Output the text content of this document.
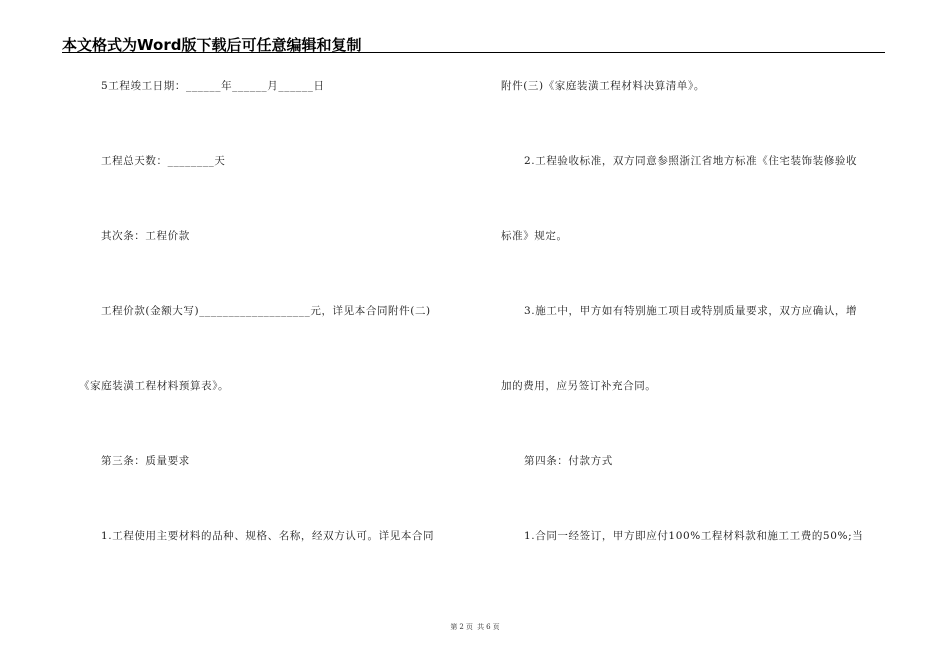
本文格式为Word版下载后可任意编辑和复制
5工程竣工日期：______年______月______日
工程总天数：________天
其次条：工程价款
工程价款(金额大写)___________________元，详见本合同附件(二)
《家庭装潢工程材料预算表》。
第三条：质量要求
1.工程使用主要材料的品种、规格、名称，经双方认可。详见本合同
附件(三)《家庭装潢工程材料决算清单》。
2.工程验收标准，双方同意参照浙江省地方标准《住宅装饰装修验收
标准》规定。
3.施工中，甲方如有特别施工项目或特别质量要求，双方应确认，增
加的费用，应另签订补充合同。
第四条：付款方式
1.合同一经签订，甲方即应付100%工程材料款和施工工费的50%;当
第 2 页 共 6 页
